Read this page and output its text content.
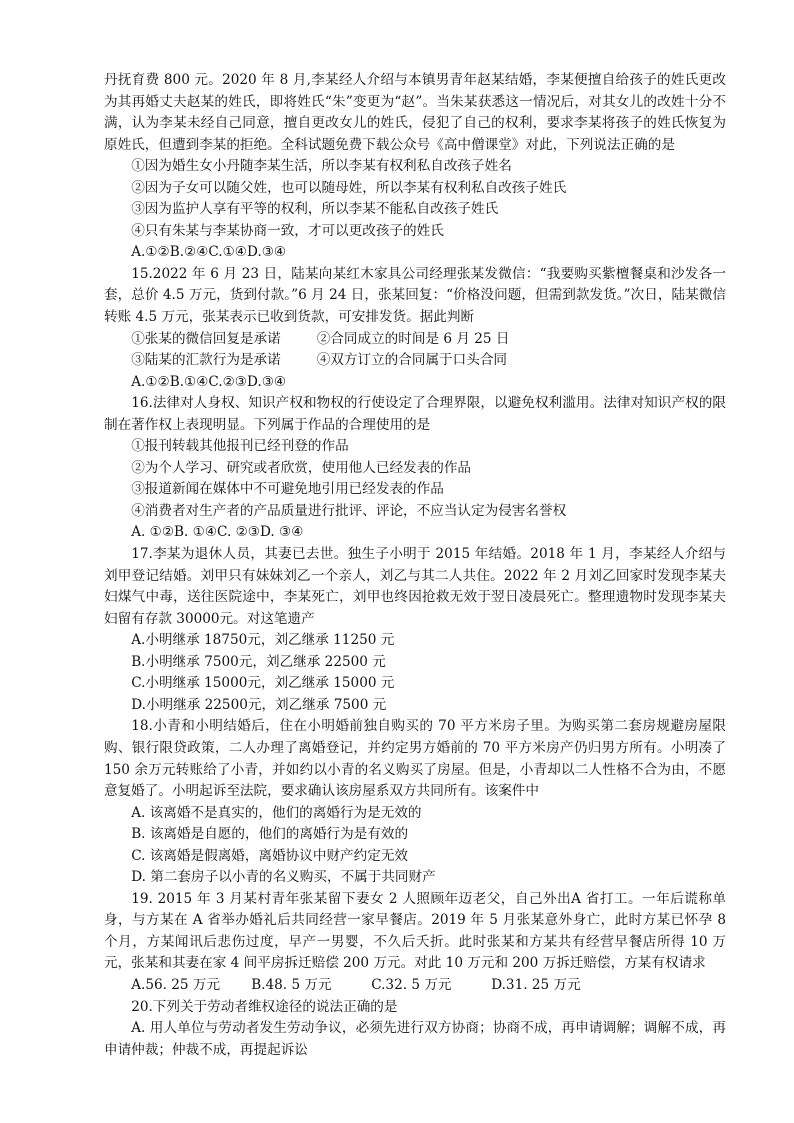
丹抚育费 800 元。2020 年 8 月,李某经人介绍与本镇男青年赵某结婚，李某便擅自给孩子的姓氏更改为其再婚丈夫赵某的姓氏，即将姓氏“朱”变更为“赵”。当朱某获悉这一情况后，对其女儿的改姓十分不满，认为李某未经自己同意，擅自更改女儿的姓氏，侵犯了自己的权利，要求李某将孩子的姓氏恢复为原姓氏，但遭到李某的拒绝。全科试题免费下载公众号《高中僧课堂》对此，下列说法正确的是

①因为婚生女小丹随李某生活，所以李某有权利私自改孩子姓名

②因为子女可以随父姓，也可以随母姓，所以李某有权利私自改孩子姓氏

③因为监护人享有平等的权利，所以李某不能私自改孩子姓氏

④只有朱某与李某协商一致，才可以更改孩子的姓氏

A.①②B.②④C.①④D.③④

15.2022 年 6 月 23 日，陆某向某红木家具公司经理张某发微信：“我要购买紫檀餐桌和沙发各一套，总价 4.5 万元，货到付款。”6 月 24 日，张某回复：“价格没问题，但需到款发货。”次日，陆某微信转账 4.5 万元，张某表示已收到货款，可安排发货。据此判断

①张某的微信回复是承诺	②合同成立的时间是 6 月 25 日

③陆某的汇款行为是承诺	④双方订立的合同属于口头合同

A.①②B.①④C.②③D.③④

16.法律对人身权、知识产权和物权的行使设定了合理界限，以避免权利滥用。法律对知识产权的限制在著作权上表现明显。下列属于作品的合理使用的是

①报刊转载其他报刊已经刊登的作品

②为个人学习、研究或者欣赏，使用他人已经发表的作品

③报道新闻在媒体中不可避免地引用已经发表的作品

④消费者对生产者的产品质量进行批评、评论，不应当认定为侵害名誉权

A. ①②B. ①④C. ②③D. ③④

17.李某为退休人员，其妻已去世。独生子小明于 2015 年结婚。2018 年 1 月，李某经人介绍与刘甲登记结婚。刘甲只有妹妹刘乙一个亲人，刘乙与其二人共住。2022 年 2 月刘乙回家时发现李某夫妇煤气中毒，送往医院途中，李某死亡，刘甲也终因抢救无效于翌日凌晨死亡。整理遗物时发现李某夫妇留有存款 30000元。对这笔遗产

A.小明继承 18750元，刘乙继承 11250 元

B.小明继承 7500元，刘乙继承 22500 元

C.小明继承 15000元，刘乙继承 15000 元

D.小明继承 22500元，刘乙继承 7500 元

18.小青和小明结婚后，住在小明婚前独自购买的 70 平方米房子里。为购买第二套房规避房屋限购、银行限贷政策，二人办理了离婚登记，并约定男方婚前的 70 平方米房产仍归男方所有。小明凑了 150 余万元转账给了小青，并如约以小青的名义购买了房屋。但是，小青却以二人性格不合为由，不愿意复婚了。小明起诉至法院，要求确认该房屋系双方共同所有。该案件中

A. 该离婚不是真实的，他们的离婚行为是无效的

B. 该离婚是自愿的，他们的离婚行为是有效的

C. 该离婚是假离婚，离婚协议中财产约定无效

D. 第二套房子以小青的名义购买，不属于共同财产

19. 2015 年 3 月某村青年张某留下妻女 2 人照顾年迈老父，自己外出A 省打工。一年后谎称单身，与方某在 A 省举办婚礼后共同经营一家早餐店。2019 年 5 月张某意外身亡，此时方某已怀孕 8 个月，方某闻讯后悲伤过度，早产一男婴，不久后夭折。此时张某和方某共有经营早餐店所得 10 万元，张某和其妻在家 4 间平房拆迁赔偿 200 万元。对此 10 万元和 200 万拆迁赔偿，方某有权请求

A.56. 25 万元 B.48. 5 万元	C.32. 5 万元	D.31. 25 万元

20.下列关于劳动者维权途径的说法正确的是

A. 用人单位与劳动者发生劳动争议，必须先进行双方协商；协商不成，再申请调解；调解不成，再申请仲裁；仲裁不成，再提起诉讼
